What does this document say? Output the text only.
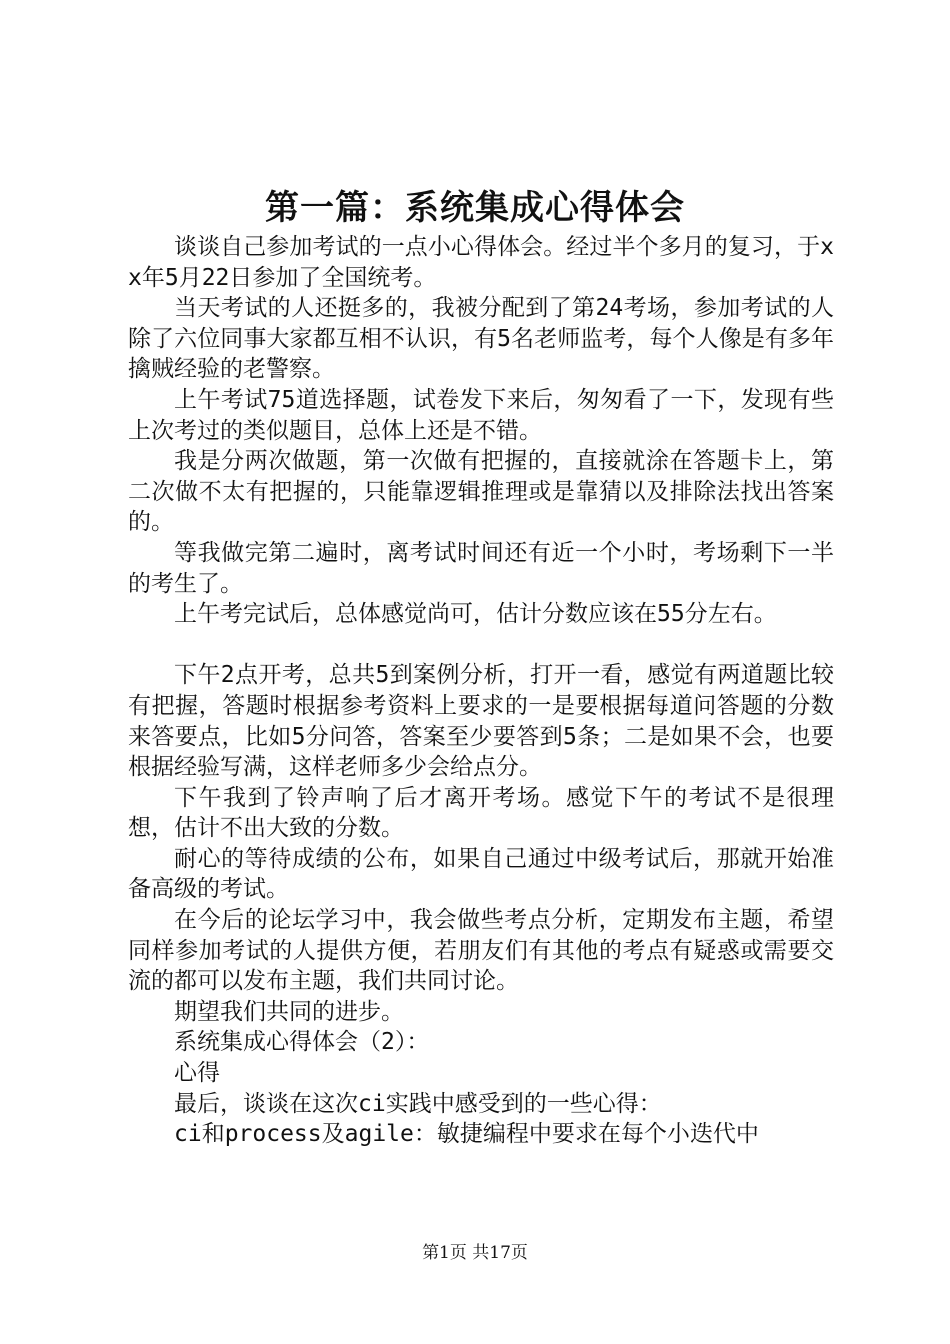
第一篇：系统集成心得体会

谈谈自己参加考试的一点小心得体会。经过半个多月的复习，于xx年5月22日参加了全国统考。

当天考试的人还挺多的，我被分配到了第24考场，参加考试的人除了六位同事大家都互相不认识，有5名老师监考，每个人像是有多年擒贼经验的老警察。

上午考试75道选择题，试卷发下来后，匆匆看了一下，发现有些上次考过的类似题目，总体上还是不错。

我是分两次做题，第一次做有把握的，直接就涂在答题卡上，第二次做不太有把握的，只能靠逻辑推理或是靠猜以及排除法找出答案的。

等我做完第二遍时，离考试时间还有近一个小时，考场剩下一半的考生了。

上午考完试后，总体感觉尚可，估计分数应该在55分左右。

下午2点开考，总共5到案例分析，打开一看，感觉有两道题比较有把握，答题时根据参考资料上要求的一是要根据每道问答题的分数来答要点，比如5分问答，答案至少要答到5条；二是如果不会，也要根据经验写满，这样老师多少会给点分。

下午我到了铃声响了后才离开考场。感觉下午的考试不是很理想，估计不出大致的分数。

耐心的等待成绩的公布，如果自己通过中级考试后，那就开始准备高级的考试。

在今后的论坛学习中，我会做些考点分析，定期发布主题，希望同样参加考试的人提供方便，若朋友们有其他的考点有疑惑或需要交流的都可以发布主题，我们共同讨论。

期望我们共同的进步。

系统集成心得体会（2）：

心得

最后，谈谈在这次ci实践中感受到的一些心得：

ci和process及agile：敏捷编程中要求在每个小迭代中

第1页 共17页
